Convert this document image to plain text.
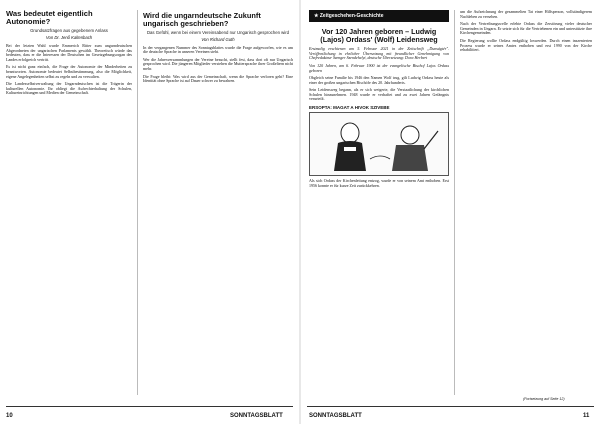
Was bedeutet eigentlich Autonomie?
Grundsatzfragen aus gegebenem Anlass
Von Dr. Jenő Kaltenbach

Bei der letzten Wahl wurde Emmerich Ritter zum ungarndeutschen Abgeordneten der ungarischen Parlaments gewählt. Theoretisch würde das bedeuten, dass er die Interessen der Deutschen im Gesetzgebungsorgan des Landes erfolgreich vertritt.

Es ist nicht ganz einfach, die Frage der Autonomie der Minderheiten zu beantworten. Autonomie bedeutet Selbstbestimmung, also die Möglichkeit, eigene Angelegenheiten selbst zu regeln und zu verwalten.

Die Landesselbstverwaltung der Ungarndeutschen ist die Trägerin der kulturellen Autonomie. Ihr obliegt die Aufrechterhaltung der Schulen, Kultureinrichtungen und Medien der Gemeinschaft.

Wird die ungarndeutsche Zukunft ungarisch geschrieben?
Das Gefühl, wenn bei einem Vereinsabend nur Ungarisch gesprochen wird
Von Richard Guth

In der vergangenen Nummer des Sonntagsblattes wurde die Frage aufgeworfen, wie es um die deutsche Sprache in unseren Vereinen steht.

Wer die Jahresversammlungen der Vereine besucht, stellt fest, dass dort oft nur Ungarisch gesprochen wird. Die jüngeren Mitglieder verstehen die Muttersprache ihrer Großeltern nicht mehr.

Die Frage bleibt: Was wird aus der Gemeinschaft, wenn die Sprache verloren geht? Eine Identität ohne Sprache ist auf Dauer schwer zu bewahren.

10	SONNTAGSBLATT
★ Zeitgeschehen-Geschichte
Vor 120 Jahren geboren – Ludwig (Lajos) Ordass' (Wolf) Leidensweg

Erstmalig erschienen am 5. Februar 2021 in der Zeitschrift „Dunságtér". Veröffentlichung in ehrlicher Übersetzung mit freundlicher Genehmigung von Chefredakteur Szenger Szendehelyi, deutsche Übersetzung: Dora Herbert

Von 120 Jahren, am 6. Februar 1900 ist der evangelische Bischof Lajos Ordass geboren

Obgleich seine Familie bis 1946 den Namen Wolf trug, gilt Ludwig Ordass heute als einer der großen ungarischen Bischöfe des 20. Jahrhunderts.

Sein Leidensweg begann, als er sich weigerte, die Verstaatlichung der kirchlichen Schulen hinzunehmen. 1948 wurde er verhaftet und zu zwei Jahren Gefängnis verurteilt.

ERSOPTA: MAGAT A HIVOK SZIVEBE

Als sich Ordass der Kirchenleitung entzog, wurde er von seinem Amt enthoben. Erst 1956 konnte er für kurze Zeit zurückkehren.

um die Aufzeichnung der gesammelten Tat einer Hilfsperson, vollständigerem Nachleben zu versehen.

Nach der Vertreibungswelle erlebte Ordass die Zerstörung vieler deutscher Gemeinden in Ungarn. Er setzte sich für die Vertriebenen ein und unterstützte ihre Kirchengemeinden.

Die Regierung wollte Ordass endgültig loswerden. Durch einen inszenierten Prozess wurde er seines Amtes enthoben und erst 1990 von der Kirche rehabilitiert.

(Fortsetzung auf Seite 12)
SONNTAGSBLATT	11
